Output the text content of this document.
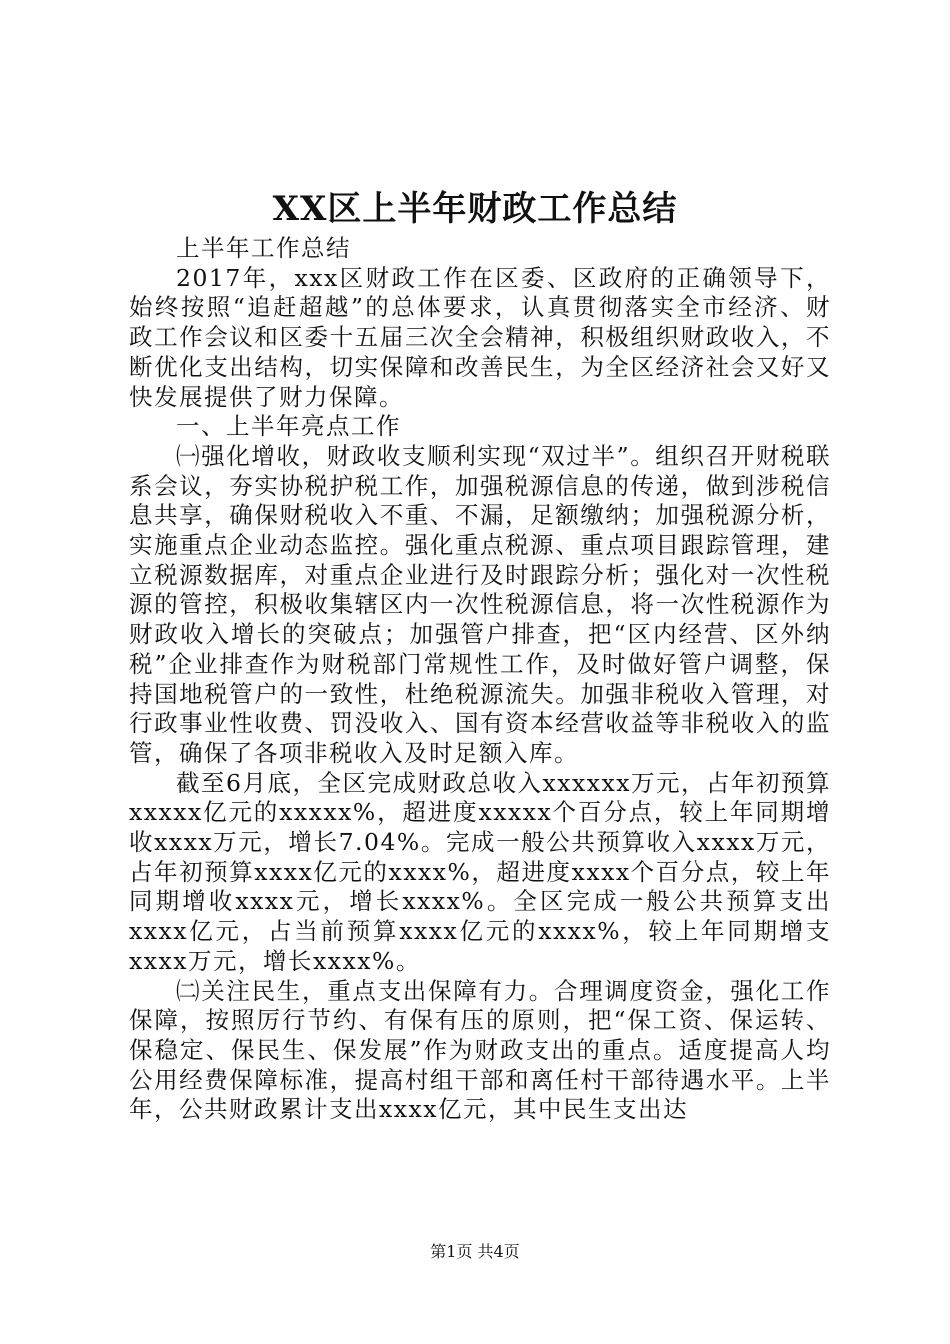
XX区上半年财政工作总结

上半年工作总结

2017年，xxx区财政工作在区委、区政府的正确领导下，始终按照“追赶超越”的总体要求，认真贯彻落实全市经济、财政工作会议和区委十五届三次全会精神，积极组织财政收入，不断优化支出结构，切实保障和改善民生，为全区经济社会又好又快发展提供了财力保障。

一、上半年亮点工作

㈠强化增收，财政收支顺利实现“双过半”。组织召开财税联系会议，夯实协税护税工作，加强税源信息的传递，做到涉税信息共享，确保财税收入不重、不漏，足额缴纳；加强税源分析，实施重点企业动态监控。强化重点税源、重点项目跟踪管理，建立税源数据库，对重点企业进行及时跟踪分析；强化对一次性税源的管控，积极收集辖区内一次性税源信息，将一次性税源作为财政收入增长的突破点；加强管户排查，把“区内经营、区外纳税”企业排查作为财税部门常规性工作，及时做好管户调整，保持国地税管户的一致性，杜绝税源流失。加强非税收入管理，对行政事业性收费、罚没收入、国有资本经营收益等非税收入的监管，确保了各项非税收入及时足额入库。

截至6月底，全区完成财政总收入xxxxxx万元，占年初预算xxxxx亿元的xxxxx%，超进度xxxxx个百分点，较上年同期增收xxxx万元，增长7.04%。完成一般公共预算收入xxxx万元，占年初预算xxxx亿元的xxxx%，超进度xxxx个百分点，较上年同期增收xxxx元，增长xxxx%。全区完成一般公共预算支出xxxx亿元，占当前预算xxxx亿元的xxxx%，较上年同期增支xxxx万元，增长xxxx%。

㈡关注民生，重点支出保障有力。合理调度资金，强化工作保障，按照厉行节约、有保有压的原则，把“保工资、保运转、保稳定、保民生、保发展”作为财政支出的重点。适度提高人均公用经费保障标准，提高村组干部和离任村干部待遇水平。上半年，公共财政累计支出xxxx亿元，其中民生支出达

第1页 共4页
